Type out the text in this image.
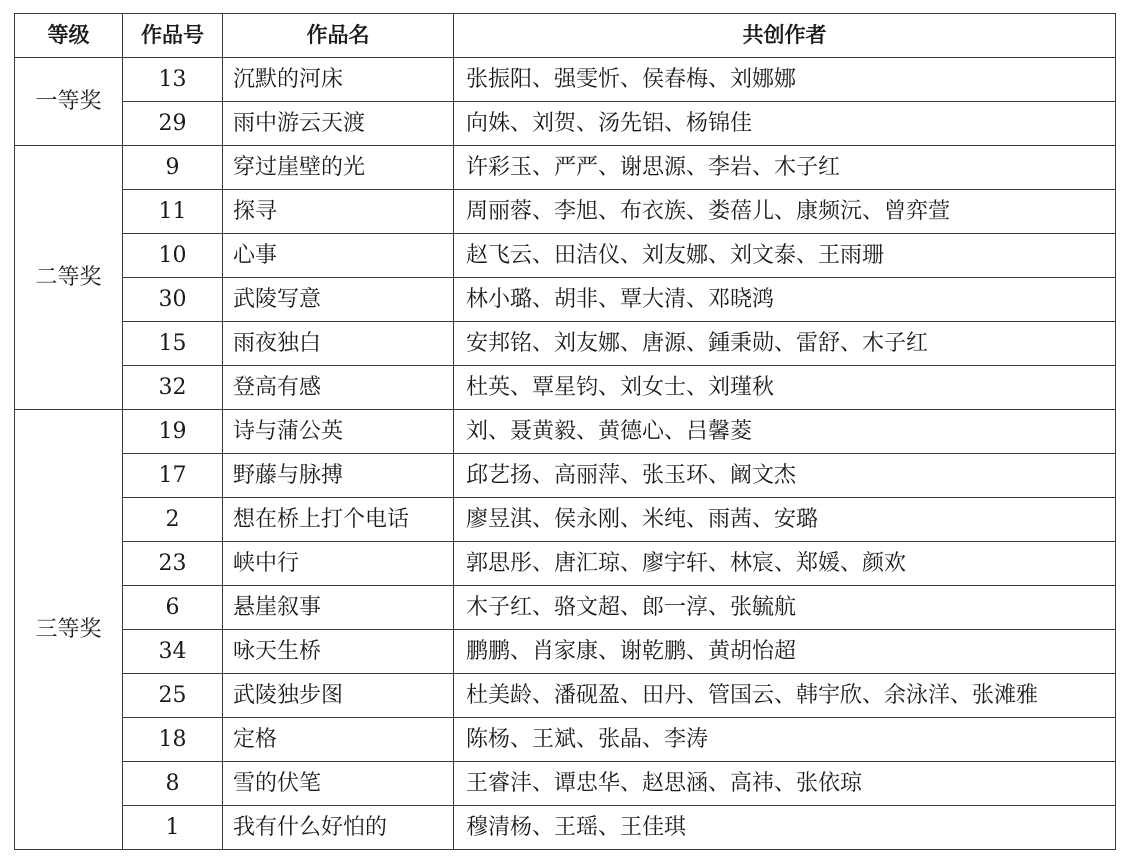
等级	作品号	作品名	共创作者
一等奖	13	沉默的河床	张振阳、强雯忻、侯春梅、刘娜娜
	29	雨中游云天渡	向姝、刘贺、汤先铝、杨锦佳
二等奖	9	穿过崖壁的光	许彩玉、严严、谢思源、李岩、木子红
	11	探寻	周丽蓉、李旭、布衣族、娄蓓儿、康频沅、曾弈萱
	10	心事	赵飞云、田洁仪、刘友娜、刘文泰、王雨珊
	30	武陵写意	林小璐、胡非、覃大清、邓晓鸿
	15	雨夜独白	安邦铭、刘友娜、唐源、鍾秉勋、雷舒、木子红
	32	登高有感	杜英、覃星钧、刘女士、刘瑾秋
三等奖	19	诗与蒲公英	刘、聂黄毅、黄德心、吕馨菱
	17	野藤与脉搏	邱艺扬、高丽萍、张玉环、阚文杰
	2	想在桥上打个电话	廖昱淇、侯永刚、米纯、雨茜、安璐
	23	峡中行	郭思彤、唐汇琼、廖宇轩、林宸、郑媛、颜欢
	6	悬崖叙事	木子红、骆文超、郎一淳、张毓航
	34	咏天生桥	鹏鹏、肖家康、谢乾鹏、黄胡怡超
	25	武陵独步图	杜美龄、潘砚盈、田丹、管国云、韩宇欣、余泳洋、张滩雅
	18	定格	陈杨、王斌、张晶、李涛
	8	雪的伏笔	王睿沣、谭忠华、赵思涵、高祎、张依琼
	1	我有什么好怕的	穆清杨、王瑶、王佳琪
